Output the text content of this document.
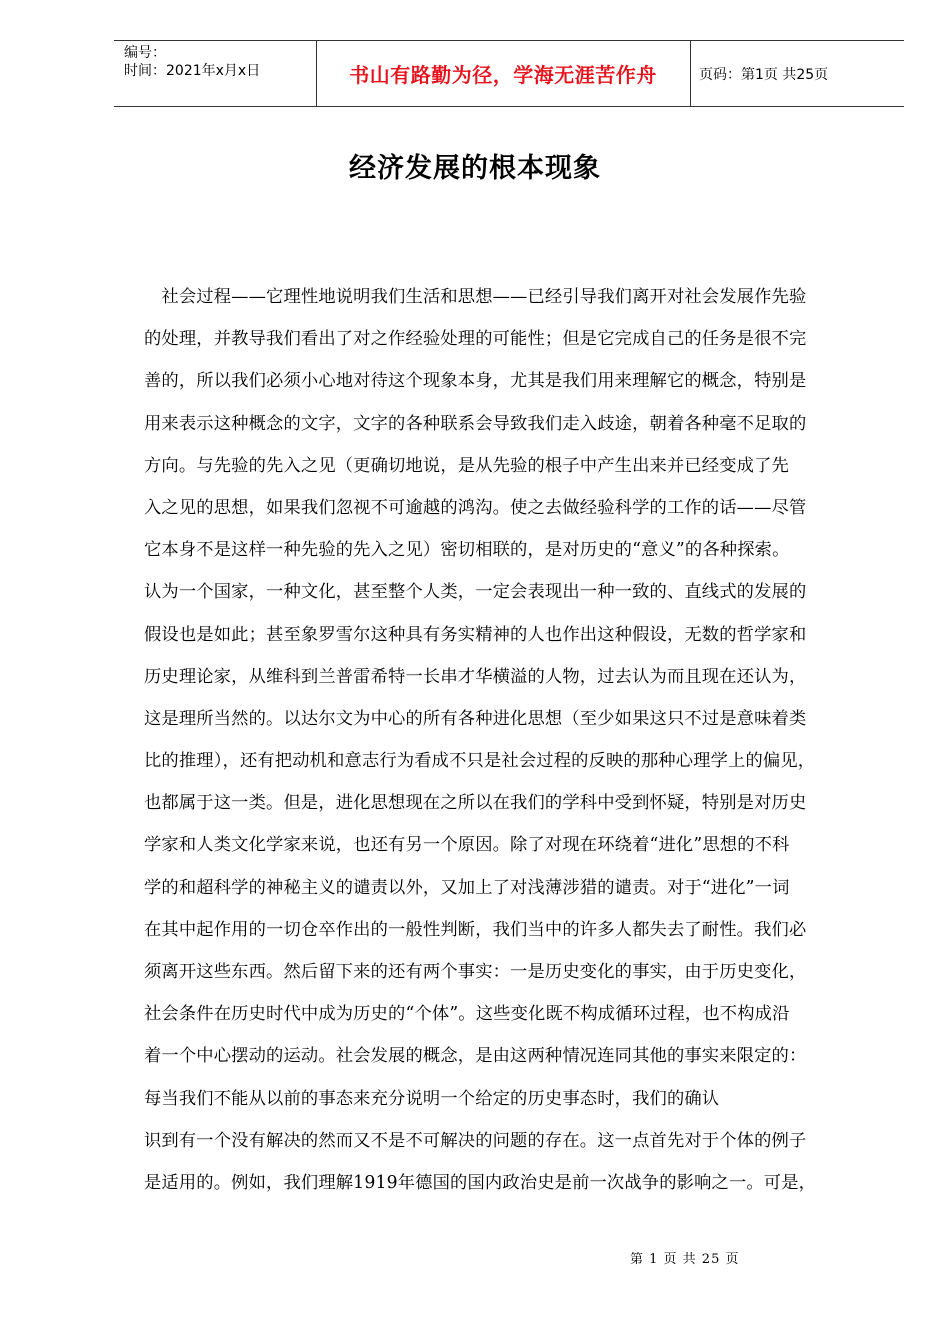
编号：
时间：2021年x月x日	书山有路勤为径，学海无涯苦作舟	页码：第1页 共25页
经济发展的根本现象
　社会过程——它理性地说明我们生活和思想——已经引导我们离开对社会发展作先验
的处理，并教导我们看出了对之作经验处理的可能性；但是它完成自己的任务是很不完
善的，所以我们必须小心地对待这个现象本身，尤其是我们用来理解它的概念，特别是
用来表示这种概念的文字，文字的各种联系会导致我们走入歧途，朝着各种毫不足取的
方向。与先验的先入之见（更确切地说，是从先验的根子中产生出来并已经变成了先
入之见的思想，如果我们忽视不可逾越的鸿沟。使之去做经验科学的工作的话——尽管
它本身不是这样一种先验的先入之见）密切相联的，是对历史的“意义”的各种探索。
认为一个国家，一种文化，甚至整个人类，一定会表现出一种一致的、直线式的发展的
假设也是如此；甚至象罗雪尔这种具有务实精神的人也作出这种假设，无数的哲学家和
历史理论家，从维科到兰普雷希特一长串才华横溢的人物，过去认为而且现在还认为，
这是理所当然的。以达尔文为中心的所有各种进化思想（至少如果这只不过是意味着类
比的推理），还有把动机和意志行为看成不只是社会过程的反映的那种心理学上的偏见，
也都属于这一类。但是，进化思想现在之所以在我们的学科中受到怀疑，特别是对历史
学家和人类文化学家来说，也还有另一个原因。除了对现在环绕着“进化”思想的不科
学的和超科学的神秘主义的谴责以外，又加上了对浅薄涉猎的谴责。对于“进化”一词
在其中起作用的一切仓卒作出的一般性判断，我们当中的许多人都失去了耐性。我们必
须离开这些东西。然后留下来的还有两个事实：一是历史变化的事实，由于历史变化，
社会条件在历史时代中成为历史的“个体”。这些变化既不构成循环过程，也不构成沿
着一个中心摆动的运动。社会发展的概念，是由这两种情况连同其他的事实来限定的：
每当我们不能从以前的事态来充分说明一个给定的历史事态时，我们的确认
识到有一个没有解决的然而又不是不可解决的问题的存在。这一点首先对于个体的例子
是适用的。例如，我们理解1919年德国的国内政治史是前一次战争的影响之一。可是，
第 1 页 共 25 页
